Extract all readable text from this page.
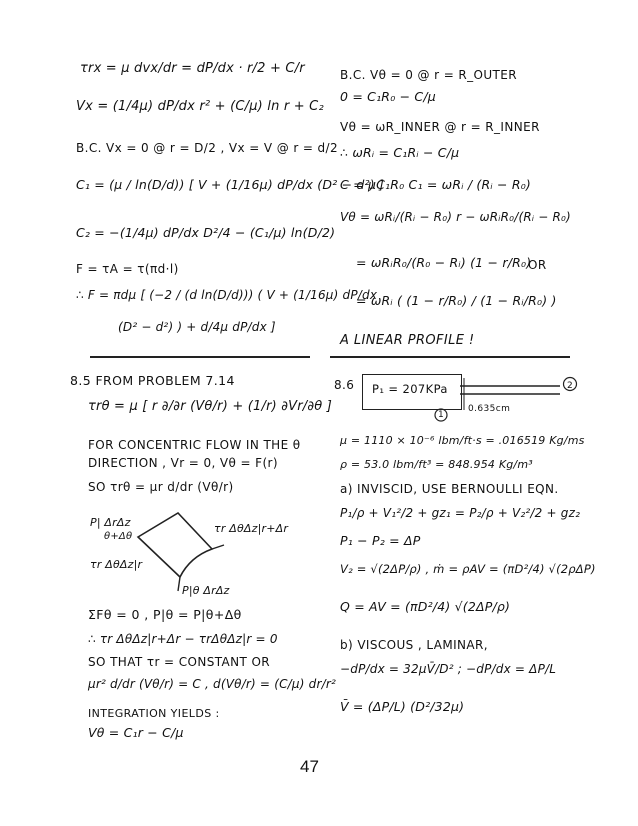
τrx = μ dvx/dr = dP/dx · r/2 + C/r
Vx = (1/4μ) dP/dx r² + (C/μ) ln r + C₂
B.C. Vx = 0 @ r = D/2 , Vx = V @ r = d/2
C₁ = (μ / ln(D/d)) [ V + (1/16μ) dP/dx (D² − d²) ]
C₂ = −(1/4μ) dP/dx D²/4 − (C₁/μ) ln(D/2)
F = τA = τ(πd·l)
∴ F = πdμ [ (−2 / (d ln(D/d))) ( V + (1/16μ) dP/dx
(D² − d²) ) + d/4μ dP/dx ]
B.C. Vθ = 0 @ r = R_OUTER
0 = C₁R₀ − C/μ
Vθ = ωR_INNER @ r = R_INNER
∴ ωRᵢ = C₁Rᵢ − C/μ
C = μC₁R₀ C₁ = ωRᵢ / (Rᵢ − R₀)
Vθ = ωRᵢ/(Rᵢ − R₀) r − ωRᵢR₀/(Rᵢ − R₀)
= ωRᵢR₀/(R₀ − Rᵢ) (1 − r/R₀)
OR
= ωRᵢ ( (1 − r/R₀) / (1 − Rᵢ/R₀) )
A LINEAR PROFILE !
8.5 FROM PROBLEM 7.14
τrθ = μ [ r ∂/∂r (Vθ/r) + (1/r) ∂Vr/∂θ ]
FOR CONCENTRIC FLOW IN THE θ
DIRECTION , Vr = 0, Vθ = F(r)
SO τrθ = μr d/dr (Vθ/r)
P| ΔrΔz
θ+Δθ
τr ΔθΔz|r+Δr
τr ΔθΔz|r
P|θ ΔrΔz
ΣFθ = 0 , P|θ = P|θ+Δθ
∴ τr ΔθΔz|r+Δr − τrΔθΔz|r = 0
SO THAT τr = CONSTANT OR
μr² d/dr (Vθ/r) = C , d(Vθ/r) = (C/μ) dr/r²
INTEGRATION YIELDS :
Vθ = C₁r − C/μ
8.6 P₁ = 207KPa	2
1
0.635cm
μ = 1110 × 10⁻⁶ lbm/ft·s = .016519 Kg/ms
ρ = 53.0 lbm/ft³ = 848.954 Kg/m³
a) INVISCID, USE BERNOULLI EQN.
P₁/ρ + V₁²/2 + gz₁ = P₂/ρ + V₂²/2 + gz₂
P₁ − P₂ = ΔP
V₂ = √(2ΔP/ρ) , ṁ = ρAV = (πD²/4) √(2ρΔP)
Q = AV = (πD²/4) √(2ΔP/ρ)
b) VISCOUS , LAMINAR,
−dP/dx = 32μV̄/D² ; −dP/dx = ΔP/L
V̄ = (ΔP/L) (D²/32μ)
47
